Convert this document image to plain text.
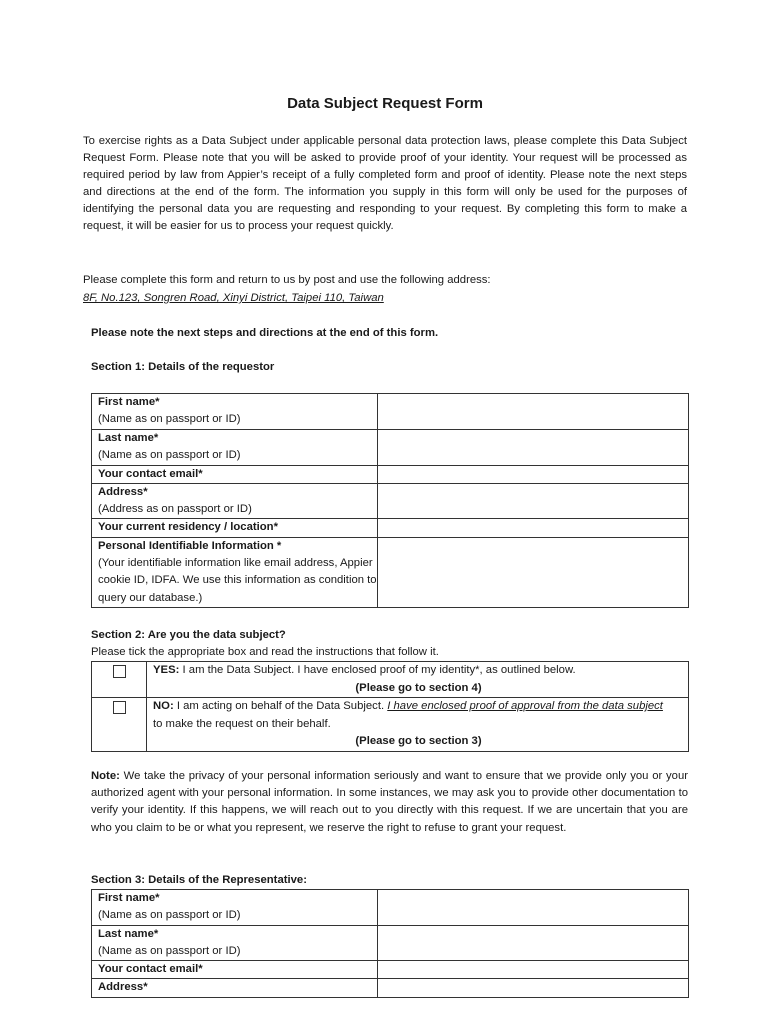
Data Subject Request Form

To exercise rights as a Data Subject under applicable personal data protection laws, please complete this Data Subject Request Form. Please note that you will be asked to provide proof of your identity. Your request will be processed as required period by law from Appier’s receipt of a fully completed form and proof of identity. Please note the next steps and directions at the end of the form. The information you supply in this form will only be used for the purposes of identifying the personal data you are requesting and responding to your request. By completing this form to make a request, it will be easier for us to process your request quickly.

Please complete this form and return to us by post and use the following address:

8F, No.123, Songren Road, Xinyi District, Taipei 110, Taiwan

Please note the next steps and directions at the end of this form.

Section 1: Details of the requestor

First name*
(Name as on passport or ID)	
Last name*
(Name as on passport or ID)	
Your contact email*	
Address*
(Address as on passport or ID)	
Your current residency / location*	
Personal Identifiable Information *
(Your identifiable information like email address, Appier cookie ID, IDFA. We use this information as condition to query our database.)	

Section 2: Are you the data subject?

Please tick the appropriate box and read the instructions that follow it.

	YES: I am the Data Subject. I have enclosed proof of my identity*, as outlined below.
(Please go to section 4)

	NO: I am acting on behalf of the Data Subject. I have enclosed proof of approval from the data subject
to make the request on their behalf.
(Please go to section 3)

Note: We take the privacy of your personal information seriously and want to ensure that we provide only you or your authorized agent with your personal information. In some instances, we may ask you to provide other documentation to verify your identity. If this happens, we will reach out to you directly with this request. If we are uncertain that you are who you claim to be or what you represent, we reserve the right to refuse to grant your request.

Section 3: Details of the Representative:

First name*
(Name as on passport or ID)	
Last name*
(Name as on passport or ID)	
Your contact email*	
Address*	
